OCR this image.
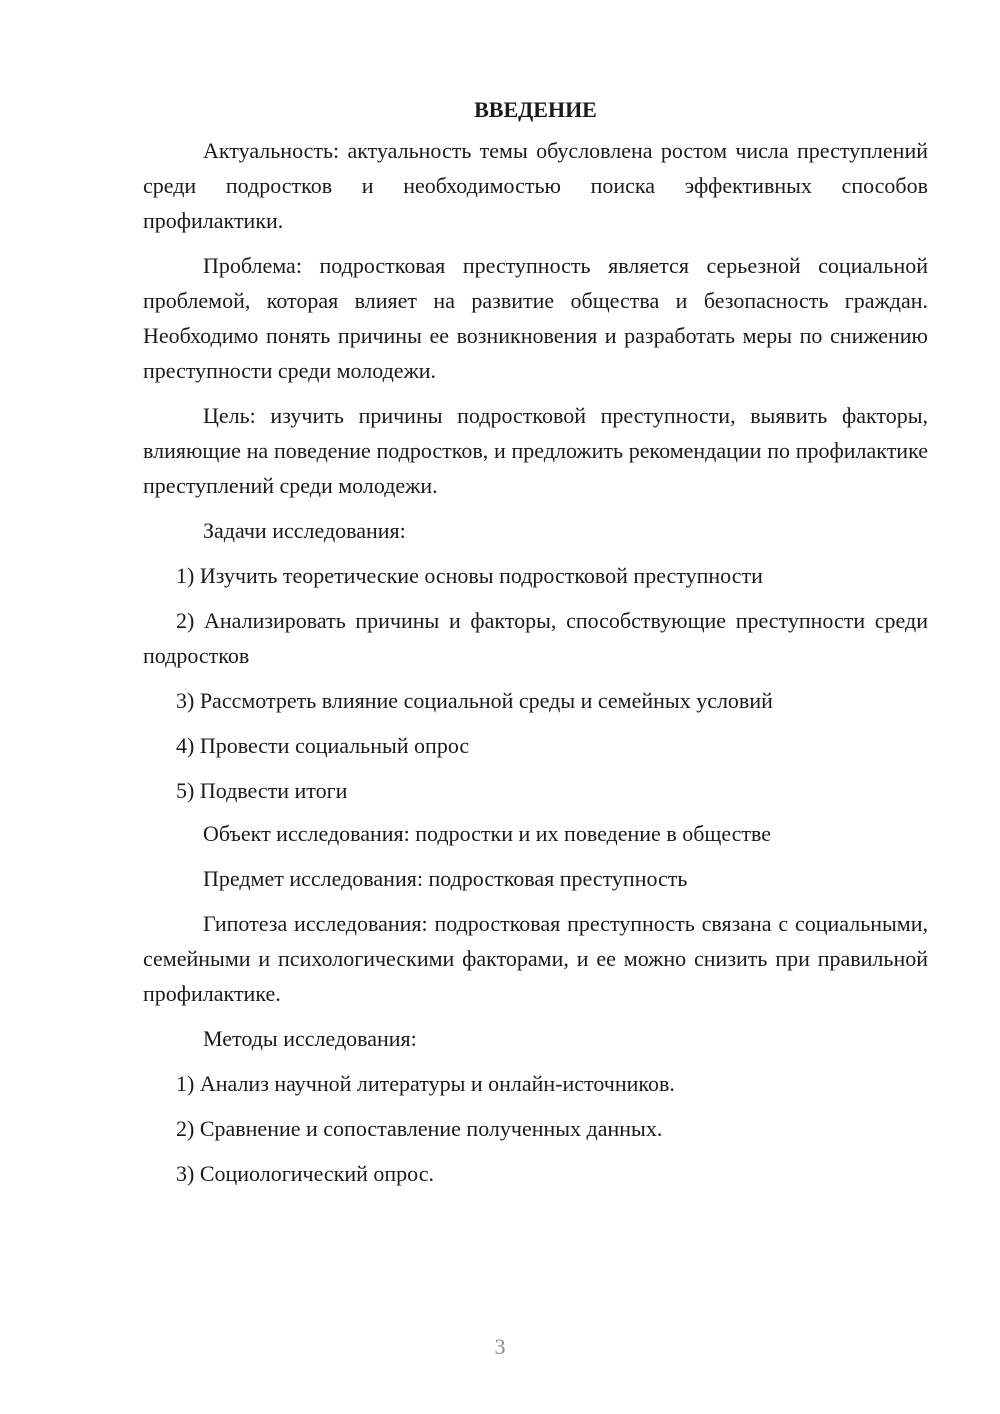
ВВЕДЕНИЕ

Актуальность: актуальность темы обусловлена ростом числа преступлений среди подростков и необходимостью поиска эффективных способов профилактики.

Проблема: подростковая преступность является серьезной социальной проблемой, которая влияет на развитие общества и безопасность граждан. Необходимо понять причины ее возникновения и разработать меры по снижению преступности среди молодежи.

Цель: изучить причины подростковой преступности, выявить факторы, влияющие на поведение подростков, и предложить рекомендации по профилактике преступлений среди молодежи.

Задачи исследования:

1) Изучить теоретические основы подростковой преступности

2) Анализировать причины и факторы, способствующие преступности среди подростков

3) Рассмотреть влияние социальной среды и семейных условий

4) Провести социальный опрос

5) Подвести итоги

Объект исследования: подростки и их поведение в обществе

Предмет исследования: подростковая преступность

Гипотеза исследования: подростковая преступность связана с социальными, семейными и психологическими факторами, и ее можно снизить при правильной профилактике.

Методы исследования:

1) Анализ научной литературы и онлайн-источников.

2) Сравнение и сопоставление полученных данных.

3) Социологический опрос.

3
